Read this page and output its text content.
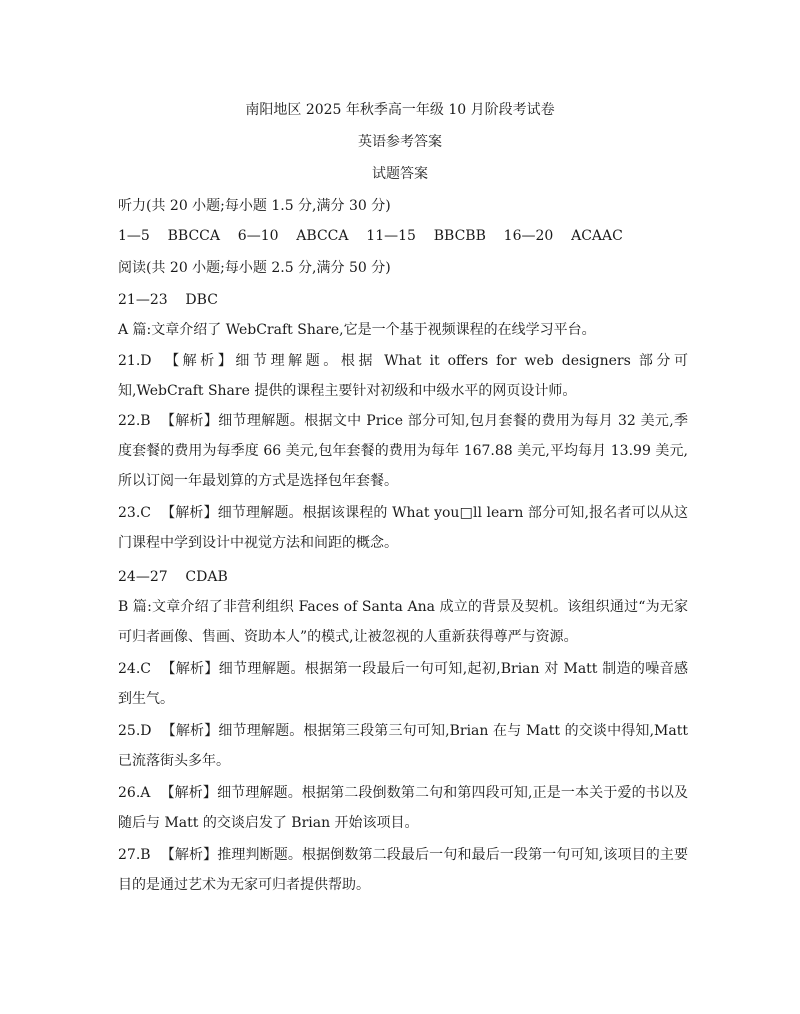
南阳地区 2025 年秋季高一年级 10 月阶段考试卷
英语参考答案
试题答案

听力(共 20 小题;每小题 1.5 分,满分 30 分)

1—5    BBCCA    6—10    ABCCA    11—15    BBCBB    16—20    ACAAC

阅读(共 20 小题;每小题 2.5 分,满分 50 分)

21—23    DBC

A 篇:文章介绍了 WebCraft Share,它是一个基于视频课程的在线学习平台。

21.D 【解析】细节理解题。根据 What it offers for web designers 部分可知,WebCraft Share 提供的课程主要针对初级和中级水平的网页设计师。
22.B 【解析】细节理解题。根据文中 Price 部分可知,包月套餐的费用为每月 32 美元,季度套餐的费用为每季度 66 美元,包年套餐的费用为每年 167.88 美元,平均每月 13.99 美元,所以订阅一年最划算的方式是选择包年套餐。
23.C 【解析】细节理解题。根据该课程的 What you□ll learn 部分可知,报名者可以从这门课程中学到设计中视觉方法和间距的概念。

24—27    CDAB

B 篇:文章介绍了非营利组织 Faces of Santa Ana 成立的背景及契机。该组织通过“为无家可归者画像、售画、资助本人”的模式,让被忽视的人重新获得尊严与资源。
24.C 【解析】细节理解题。根据第一段最后一句可知,起初,Brian 对 Matt 制造的噪音感到生气。
25.D 【解析】细节理解题。根据第三段第三句可知,Brian 在与 Matt 的交谈中得知,Matt 已流落街头多年。
26.A 【解析】细节理解题。根据第二段倒数第二句和第四段可知,正是一本关于爱的书以及随后与 Matt 的交谈启发了 Brian 开始该项目。
27.B 【解析】推理判断题。根据倒数第二段最后一句和最后一段第一句可知,该项目的主要目的是通过艺术为无家可归者提供帮助。
